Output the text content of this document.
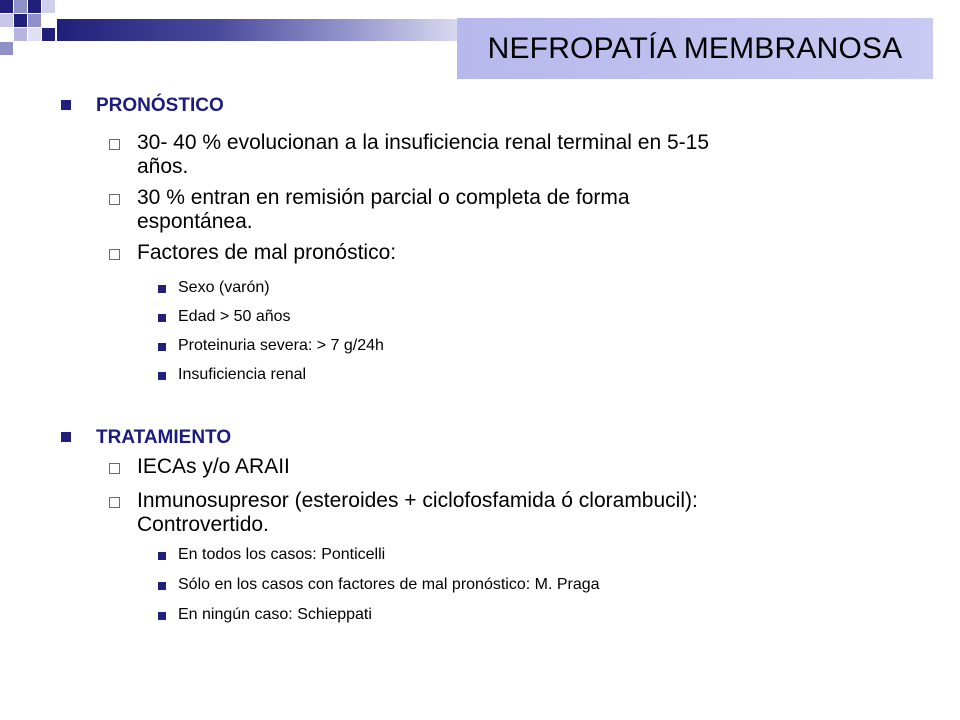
NEFROPATÍA MEMBRANOSA
PRONÓSTICO
30- 40 % evolucionan a la insuficiencia renal terminal en 5-15
años.
30 % entran en remisión parcial o completa de forma
espontánea.
Factores de mal pronóstico:
Sexo (varón)
Edad > 50 años
Proteinuria severa: > 7 g/24h
Insuficiencia renal
TRATAMIENTO
IECAs y/o ARAII
Inmunosupresor (esteroides + ciclofosfamida ó clorambucil):
Controvertido.
En todos los casos: Ponticelli
Sólo en los casos con factores de mal pronóstico: M. Praga
En ningún caso: Schieppati
